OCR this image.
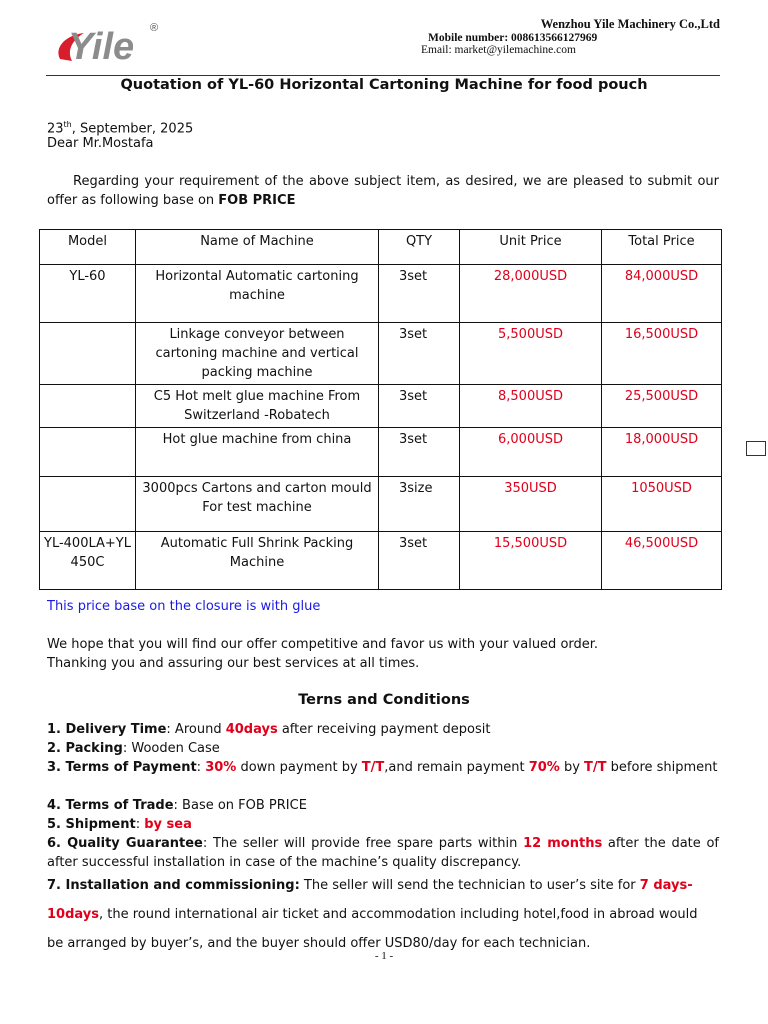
Yile ®	Wenzhou Yile Machinery Co.,Ltd
Mobile number: 008613566127969
Email: market@yilemachine.com
Quotation of YL-60 Horizontal Cartoning Machine for food pouch
23th, September, 2025
Dear Mr.Mostafa
Regarding your requirement of the above subject item, as desired, we are pleased to submit our offer as following base on FOB PRICE
Model	Name of Machine	QTY	Unit Price	Total Price
YL-60	Horizontal Automatic cartoning machine	3set	28,000USD	84,000USD
	Linkage conveyor between cartoning machine and vertical packing machine	3set	5,500USD	16,500USD
	C5 Hot melt glue machine From Switzerland -Robatech	3set	8,500USD	25,500USD
	Hot glue machine from china	3set	6,000USD	18,000USD
	3000pcs Cartons and carton mould For test machine	3size	350USD	1050USD
YL-400LA+YL450C	Automatic Full Shrink Packing Machine	3set	15,500USD	46,500USD
This price base on the closure is with glue
We hope that you will find our offer competitive and favor us with your valued order.
Thanking you and assuring our best services at all times.
Terns and Conditions
1. Delivery Time: Around 40days after receiving payment deposit
2. Packing: Wooden Case
3. Terms of Payment: 30% down payment by T/T,and remain payment 70% by T/T before shipment
4. Terms of Trade: Base on FOB PRICE
5. Shipment: by sea
6. Quality Guarantee: The seller will provide free spare parts within 12 months after the date of after successful installation in case of the machine’s quality discrepancy.
7. Installation and commissioning: The seller will send the technician to user’s site for 7 days-
10days, the round international air ticket and accommodation including hotel,food in abroad would
be arranged by buyer’s, and the buyer should offer USD80/day for each technician.
- 1 -
